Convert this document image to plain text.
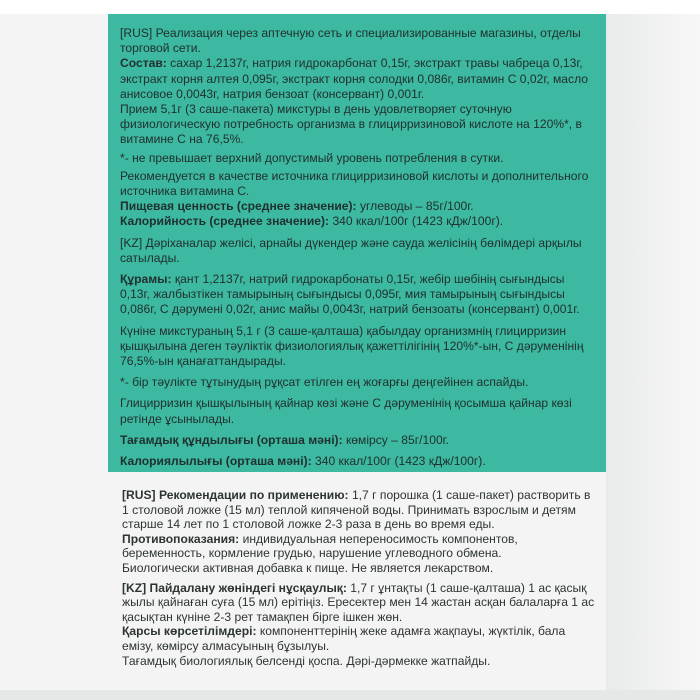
[RUS] Реализация через аптечную сеть и специализированные магазины, отделы торговой сети.

Состав: сахар 1,2137г, натрия гидрокарбонат 0,15г, экстракт травы чабреца 0,13г, экстракт корня алтея 0,095г, экстракт корня солодки 0,086г, витамин С 0,02г, масло анисовое 0,0043г, натрия бензоат (консервант) 0,001г.

Прием 5,1г (3 саше-пакета) микстуры в день удовлетворяет суточную физиологическую потребность организма в глицирризиновой кислоте на 120%*, в витамине С на 76,5%.

*- не превышает верхний допустимый уровень потребления в сутки.

Рекомендуется в качестве источника глицирризиновой кислоты и дополнительного источника витамина С.

Пищевая ценность (среднее значение): углеводы – 85г/100г.

Калорийность (среднее значение): 340 ккал/100г (1423 кДж/100г).

[KZ] Дәріханалар желісі, арнайы дүкендер және сауда желісінің бөлімдері арқылы сатылады.

Құрамы: қант 1,2137г, натрий гидрокарбонаты 0,15г, жебір шөбінің сығындысы 0,13г, жалбызтікен тамырының сығындысы 0,095г, мия тамырының сығындысы 0,086г, С дәрумені 0,02г, анис майы 0,0043г, натрий бензоаты (консервант) 0,001г.

Күніне микстураның 5,1 г (3 саше-қалташа) қабылдау организмнің глицирризин қышқылына деген тәуліктік физиологиялық қажеттілігінің 120%*-ын, С дәруменінің 76,5%-ын қанағаттандырады.

*- бір тәулікте тұтынудың рұқсат етілген ең жоғарғы деңгейінен аспайды.

Глицирризин қышқылының қайнар көзі және С дәруменінің қосымша қайнар көзі ретінде ұсынылады.

Тағамдық құндылығы (орташа мәні): көмірсу – 85г/100г.

Калориялылығы (орташа мәні): 340 ккал/100г (1423 кДж/100г).

[RUS] Рекомендации по применению: 1,7 г порошка (1 саше-пакет) растворить в 1 столовой ложке (15 мл) теплой кипяченой воды. Принимать взрослым и детям старше 14 лет по 1 столовой ложке 2-3 раза в день во время еды.

Противопоказания: индивидуальная непереносимость компонентов, беременность, кормление грудью, нарушение углеводного обмена.

Биологически активная добавка к пище. Не является лекарством.

[KZ] Пайдалану жөніндегі нұсқаулық: 1,7 г ұнтақты (1 саше-қалташа) 1 ас қасық жылы қайнаған суға (15 мл) ерітіңіз. Ересектер мен 14 жастан асқан балаларға 1 ас қасықтан күніне 2-3 рет тамақпен бірге ішкен жөн.

Қарсы көрсетілімдері: компоненттерінің жеке адамға жақпауы, жүктілік, бала емізу, көмірсу алмасуының бұзылуы.

Тағамдық биологиялық белсенді қоспа. Дәрі-дәрмекке жатпайды.
